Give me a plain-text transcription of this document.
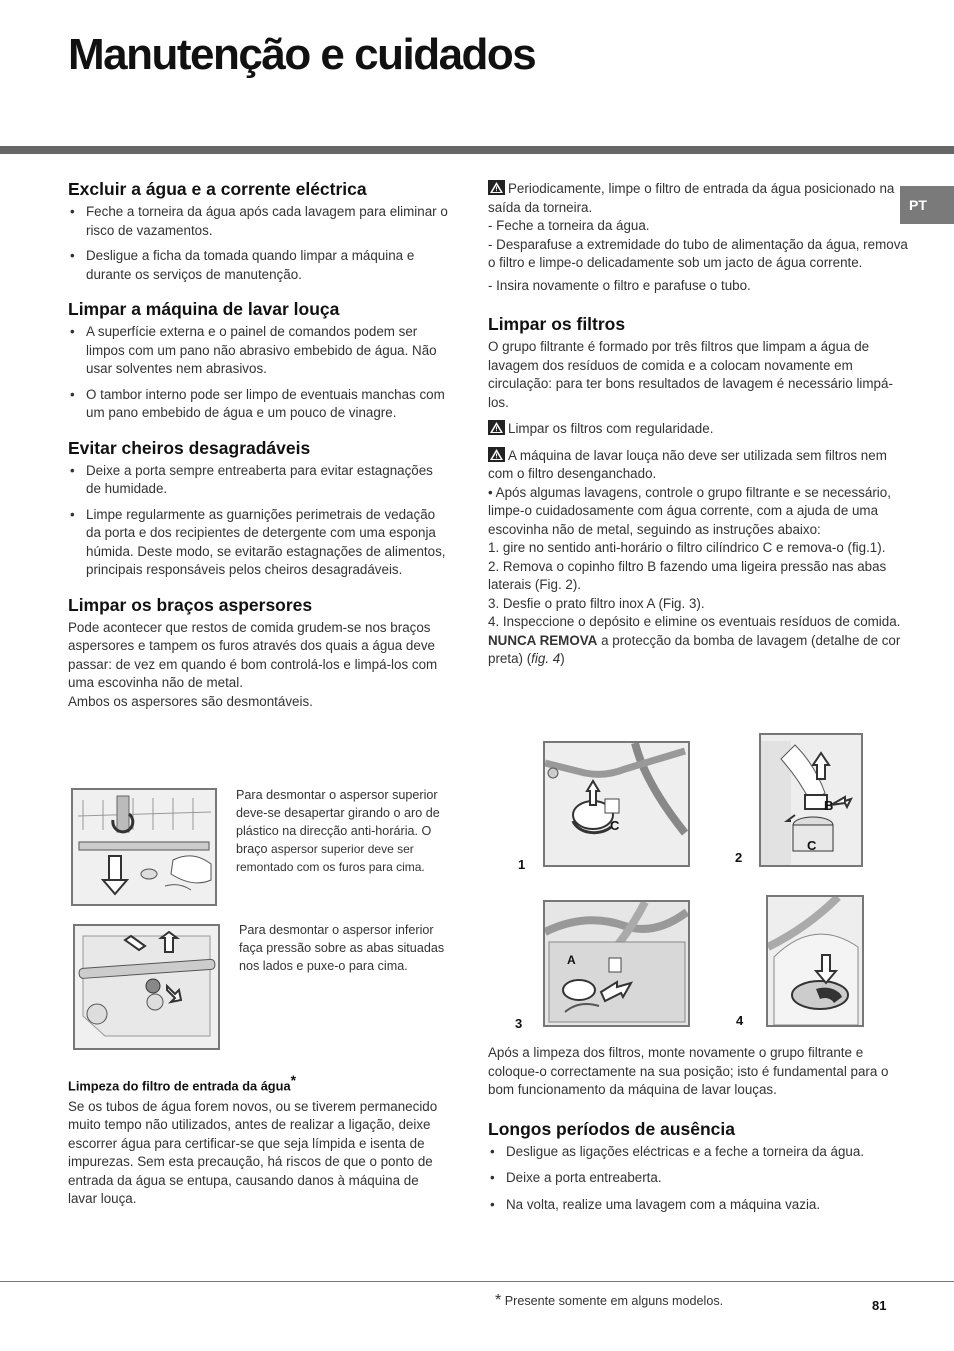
Manutenção e cuidados
PT
Excluir a água e a corrente eléctrica
• Feche a torneira da água após cada lavagem para eliminar o risco de vazamentos.
• Desligue a ficha da tomada quando limpar a máquina e durante os serviços de manutenção.
Limpar a máquina de lavar louça
• A superfície externa e o painel de comandos podem ser limpos com um pano não abrasivo embebido de água. Não usar solventes nem abrasivos.
• O tambor interno pode ser limpo de eventuais manchas com um pano embebido de água e um pouco de vinagre.
Evitar cheiros desagradáveis
• Deixe a porta sempre entreaberta para evitar estagnações de humidade.
• Limpe regularmente as guarnições perimetrais de vedação da porta e dos recipientes de detergente com uma esponja húmida. Deste modo, se evitarão estagnações de alimentos, principais responsáveis pelos cheiros desagradáveis.
Limpar os braços aspersores

Pode acontecer que restos de comida grudem-se nos braços aspersores e tampem os furos através dos quais a água deve passar: de vez em quando é bom controlá-los e limpá-los com uma escovinha não de metal.

Ambos os aspersores são desmontáveis.

Para desmontar o aspersor superior deve-se desapertar girando o aro de plástico na direcção anti-horária. O braço aspersor superior deve ser remontado com os furos para cima.
Para desmontar o aspersor inferior faça pressão sobre as abas situadas nos lados e puxe-o para cima.
Limpeza do filtro de entrada da água*

Se os tubos de água forem novos, ou se tiverem permanecido muito tempo não utilizados, antes de realizar a ligação, deixe escorrer água para certificar-se que seja límpida e isenta de impurezas. Sem esta precaução, há riscos de que o ponto de entrada da água se entupa, causando danos à máquina de lavar louça.

Periodicamente, limpe o filtro de entrada da água posicionado na saída da torneira.

- Feche a torneira da água.

- Desparafuse a extremidade do tubo de alimentação da água, remova o filtro e limpe-o delicadamente sob um jacto de água corrente.

- Insira novamente o filtro e parafuse o tubo.

Limpar os filtros

O grupo filtrante é formado por três filtros que limpam a água de lavagem dos resíduos de comida e a colocam novamente em circulação: para ter bons resultados de lavagem é necessário limpá-los.

Limpar os filtros com regularidade.

A máquina de lavar louça não deve ser utilizada sem filtros nem com o filtro desenganchado.

• Após algumas lavagens, controle o grupo filtrante e se necessário, limpe-o cuidadosamente com água corrente, com a ajuda de uma escovinha não de metal, seguindo as instruções abaixo:

1. gire no sentido anti-horário o filtro cilíndrico C e remova-o (fig.1).

2. Remova o copinho filtro B fazendo uma ligeira pressão nas abas laterais (Fig. 2).

3. Desfie o prato filtro inox A (Fig. 3).

4. Inspeccione o depósito e elimine os eventuais resíduos de comida. NUNCA REMOVA a protecção da bomba de lavagem (detalhe de cor preta) (fig. 4)

1	2
3	4
C
B
C
A

Após a limpeza dos filtros, monte novamente o grupo filtrante e coloque-o correctamente na sua posição; isto é fundamental para o bom funcionamento da máquina de lavar louças.

Longos períodos de ausência
• Desligue as ligações eléctricas e a feche a torneira da água.
• Deixe a porta entreaberta.
• Na volta, realize uma lavagem com a máquina vazia.
* Presente somente em alguns modelos.	81
